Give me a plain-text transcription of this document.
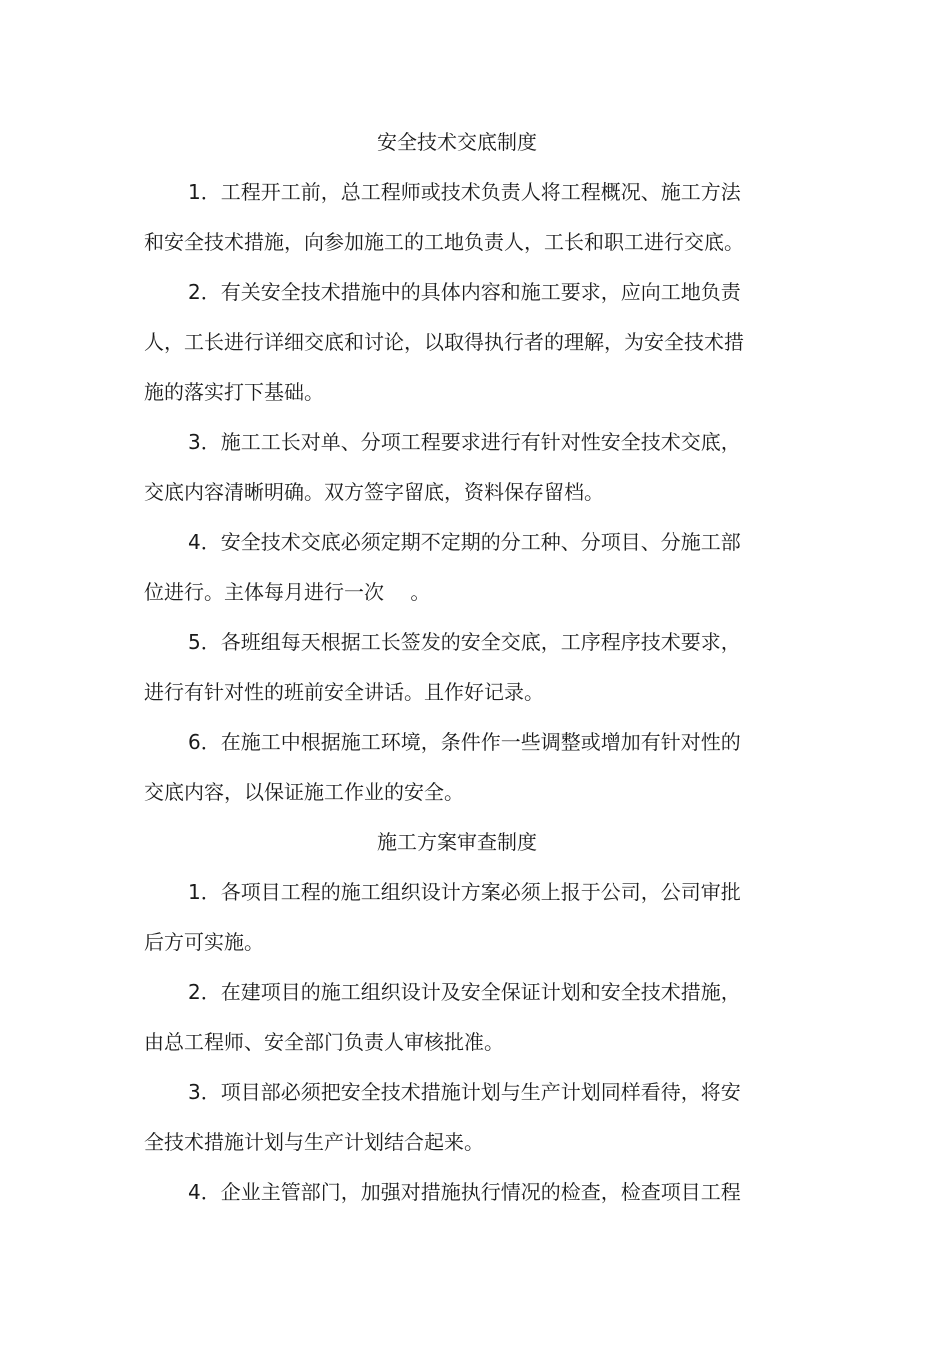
安全技术交底制度
1．工程开工前，总工程师或技术负责人将工程概况、施工方法
和安全技术措施，向参加施工的工地负责人，工长和职工进行交底。
2．有关安全技术措施中的具体内容和施工要求，应向工地负责
人，工长进行详细交底和讨论，以取得执行者的理解，为安全技术措
施的落实打下基础。
3．施工工长对单、分项工程要求进行有针对性安全技术交底，
交底内容清晰明确。双方签字留底，资料保存留档。
4．安全技术交底必须定期不定期的分工种、分项目、分施工部
位进行。主体每月进行一次　 。
5．各班组每天根据工长签发的安全交底，工序程序技术要求，
进行有针对性的班前安全讲话。且作好记录。
6．在施工中根据施工环境，条件作一些调整或增加有针对性的
交底内容，以保证施工作业的安全。
施工方案审查制度
1．各项目工程的施工组织设计方案必须上报于公司，公司审批
后方可实施。
2．在建项目的施工组织设计及安全保证计划和安全技术措施，
由总工程师、安全部门负责人审核批准。
3．项目部必须把安全技术措施计划与生产计划同样看待，将安
全技术措施计划与生产计划结合起来。
4．企业主管部门，加强对措施执行情况的检查，检查项目工程
